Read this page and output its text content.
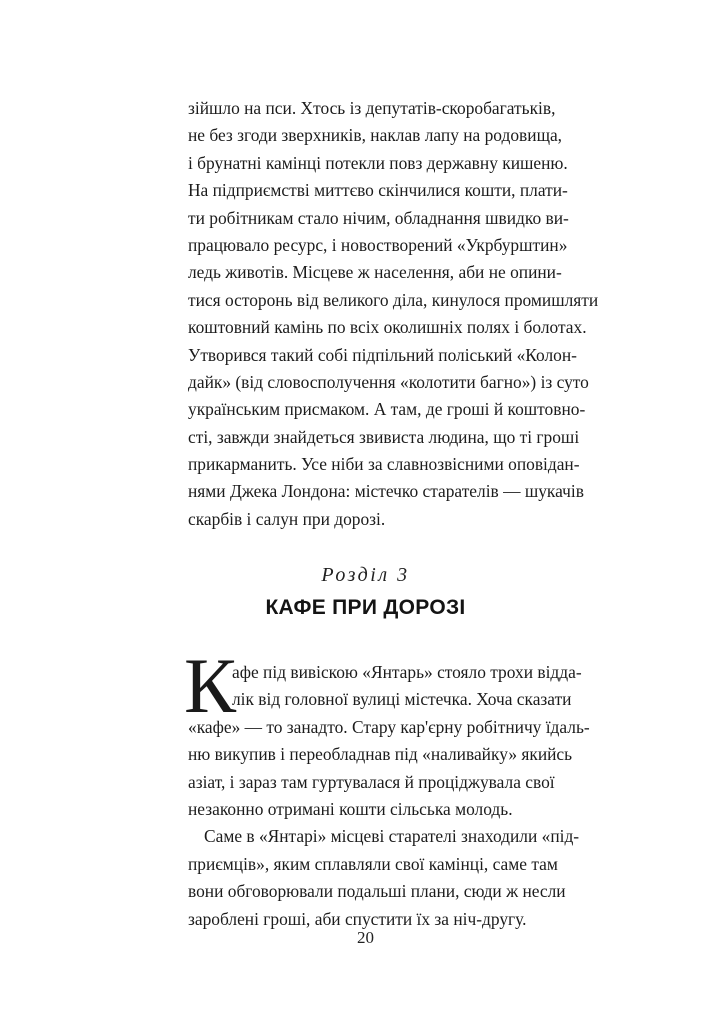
зійшло на пси. Хтось із депутатів-скоробагатьків,
не без згоди зверхників, наклав лапу на родовища,
і брунатні камінці потекли повз державну кишеню.
На підприємстві миттєво скінчилися кошти, плати-
ти робітникам стало нічим, обладнання швидко ви-
працювало ресурс, і новостворений «Укрбурштин»
ледь животів. Місцеве ж населення, аби не опини-
тися осторонь від великого діла, кинулося промишляти
коштовний камінь по всіх околишніх полях і болотах.
Утворився такий собі підпільний поліський «Колон-
дайк» (від словосполучення «колотити багно») із суто
українським присмаком. А там, де гроші й коштовно-
сті, завжди знайдеться звивиста людина, що ті гроші
прикарманить. Усе ніби за славнозвісними оповідан-
нями Джека Лондона: містечко старателів — шукачів
скарбів і салун при дорозі.
Розділ 3
КАФЕ ПРИ ДОРОЗІ
К
афе під вивіскою «Янтарь» стояло трохи відда-
лік від головної вулиці містечка. Хоча сказати
«кафе» — то занадто. Стару кар'єрну робітничу їдаль-
ню викупив і переобладнав під «наливайку» якийсь
азіат, і зараз там гуртувалася й проціджувала свої
незаконно отримані кошти сільська молодь.
Саме в «Янтарі» місцеві старателі знаходили «під-
приємців», яким сплавляли свої камінці, саме там
вони обговорювали подальші плани, сюди ж несли
зароблені гроші, аби спустити їх за ніч-другу.
20
